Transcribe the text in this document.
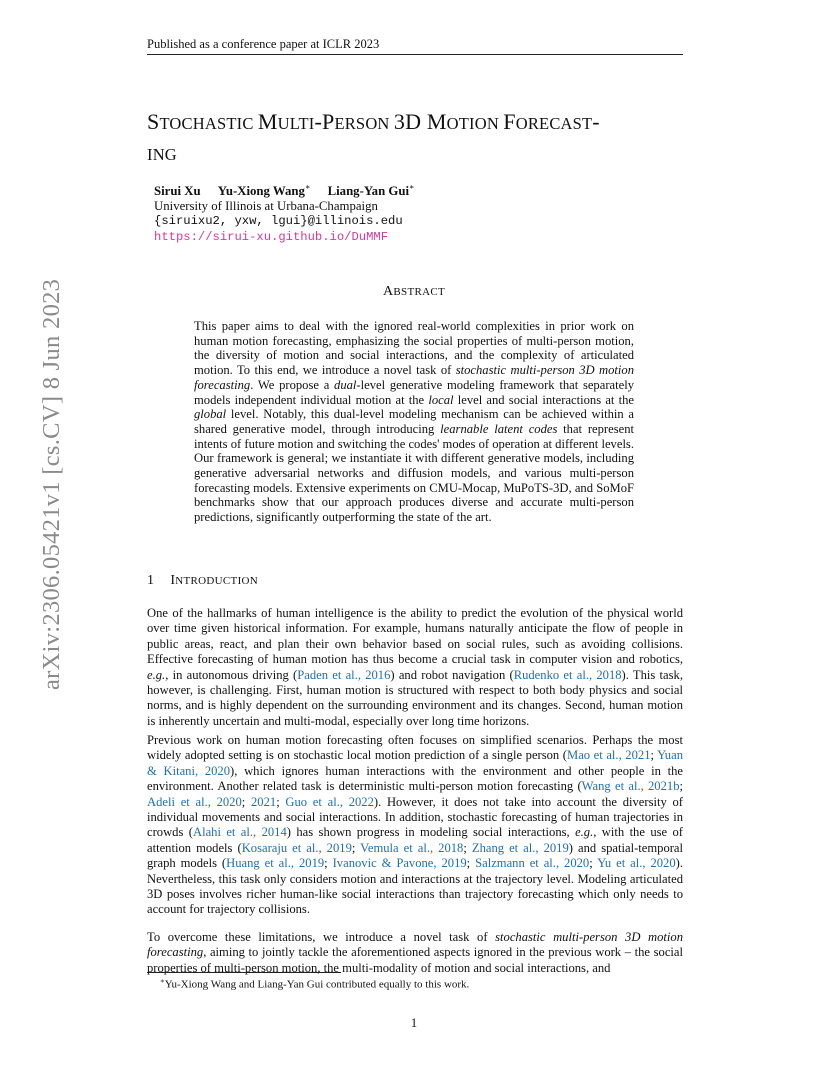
Published as a conference paper at ICLR 2023
arXiv:2306.05421v1 [cs.CV] 8 Jun 2023
STOCHASTIC MULTI-PERSON 3D MOTION FORECAST-
ING
Sirui Xu Yu-Xiong Wang∗ Liang-Yan Gui∗
University of Illinois at Urbana-Champaign
{siruixu2, yxw, lgui}@illinois.edu
https://sirui-xu.github.io/DuMMF
ABSTRACT
This paper aims to deal with the ignored real-world complexities in prior work on human motion forecasting, emphasizing the social properties of multi-person motion, the diversity of motion and social interactions, and the complexity of articulated motion. To this end, we introduce a novel task of stochastic multi-person 3D motion forecasting. We propose a dual-level generative modeling framework that separately models independent individual motion at the local level and social interactions at the global level. Notably, this dual-level modeling mechanism can be achieved within a shared generative model, through introducing learnable latent codes that represent intents of future motion and switching the codes' modes of operation at different levels. Our framework is general; we instantiate it with different generative models, including generative adversarial networks and diffusion models, and various multi-person forecasting models. Extensive experiments on CMU-Mocap, MuPoTS-3D, and SoMoF benchmarks show that our approach produces diverse and accurate multi-person predictions, significantly outperforming the state of the art.
1 INTRODUCTION
One of the hallmarks of human intelligence is the ability to predict the evolution of the physical world over time given historical information. For example, humans naturally anticipate the flow of people in public areas, react, and plan their own behavior based on social rules, such as avoiding collisions. Effective forecasting of human motion has thus become a crucial task in computer vision and robotics, e.g., in autonomous driving (Paden et al., 2016) and robot navigation (Rudenko et al., 2018). This task, however, is challenging. First, human motion is structured with respect to both body physics and social norms, and is highly dependent on the surrounding environment and its changes. Second, human motion is inherently uncertain and multi-modal, especially over long time horizons.
Previous work on human motion forecasting often focuses on simplified scenarios. Perhaps the most widely adopted setting is on stochastic local motion prediction of a single person (Mao et al., 2021; Yuan & Kitani, 2020), which ignores human interactions with the environment and other people in the environment. Another related task is deterministic multi-person motion forecasting (Wang et al., 2021b; Adeli et al., 2020; 2021; Guo et al., 2022). However, it does not take into account the diversity of individual movements and social interactions. In addition, stochastic forecasting of human trajectories in crowds (Alahi et al., 2014) has shown progress in modeling social interactions, e.g., with the use of attention models (Kosaraju et al., 2019; Vemula et al., 2018; Zhang et al., 2019) and spatial-temporal graph models (Huang et al., 2019; Ivanovic & Pavone, 2019; Salzmann et al., 2020; Yu et al., 2020). Nevertheless, this task only considers motion and interactions at the trajectory level. Modeling articulated 3D poses involves richer human-like social interactions than trajectory forecasting which only needs to account for trajectory collisions.
To overcome these limitations, we introduce a novel task of stochastic multi-person 3D motion forecasting, aiming to jointly tackle the aforementioned aspects ignored in the previous work – the social properties of multi-person motion, the multi-modality of motion and social interactions, and
∗Yu-Xiong Wang and Liang-Yan Gui contributed equally to this work.
1
